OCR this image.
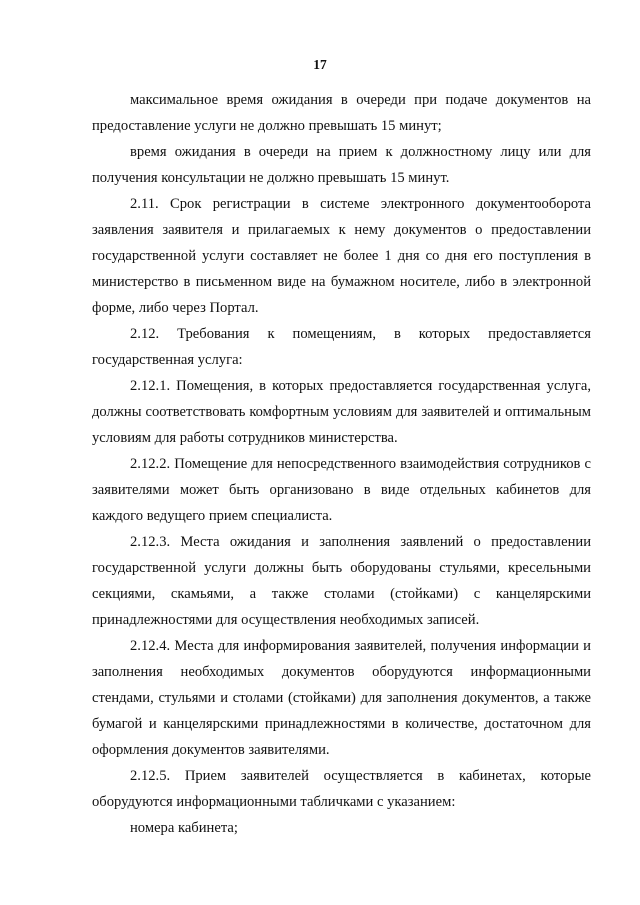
17

максимальное время ожидания в очереди при подаче документов на предоставление услуги не должно превышать 15 минут;

время ожидания в очереди на прием к должностному лицу или для получения консультации не должно превышать 15 минут.

2.11. Срок регистрации в системе электронного документооборота заявления заявителя и прилагаемых к нему документов о предоставлении государственной услуги составляет не более 1 дня со дня его поступления в министерство в письменном виде на бумажном носителе, либо в электронной форме, либо через Портал.

2.12. Требования к помещениям, в которых предоставляется государственная услуга:

2.12.1. Помещения, в которых предоставляется государственная услуга, должны соответствовать комфортным условиям для заявителей и оптимальным условиям для работы сотрудников министерства.

2.12.2. Помещение для непосредственного взаимодействия сотрудников с заявителями может быть организовано в виде отдельных кабинетов для каждого ведущего прием специалиста.

2.12.3. Места ожидания и заполнения заявлений о предоставлении государственной услуги должны быть оборудованы стульями, кресельными секциями, скамьями, а также столами (стойками) с канцелярскими принадлежностями для осуществления необходимых записей.

2.12.4. Места для информирования заявителей, получения информации и заполнения необходимых документов оборудуются информационными стендами, стульями и столами (стойками) для заполнения документов, а также бумагой и канцелярскими принадлежностями в количестве, достаточном для оформления документов заявителями.

2.12.5. Прием заявителей осуществляется в кабинетах, которые оборудуются информационными табличками с указанием:

номера кабинета;
